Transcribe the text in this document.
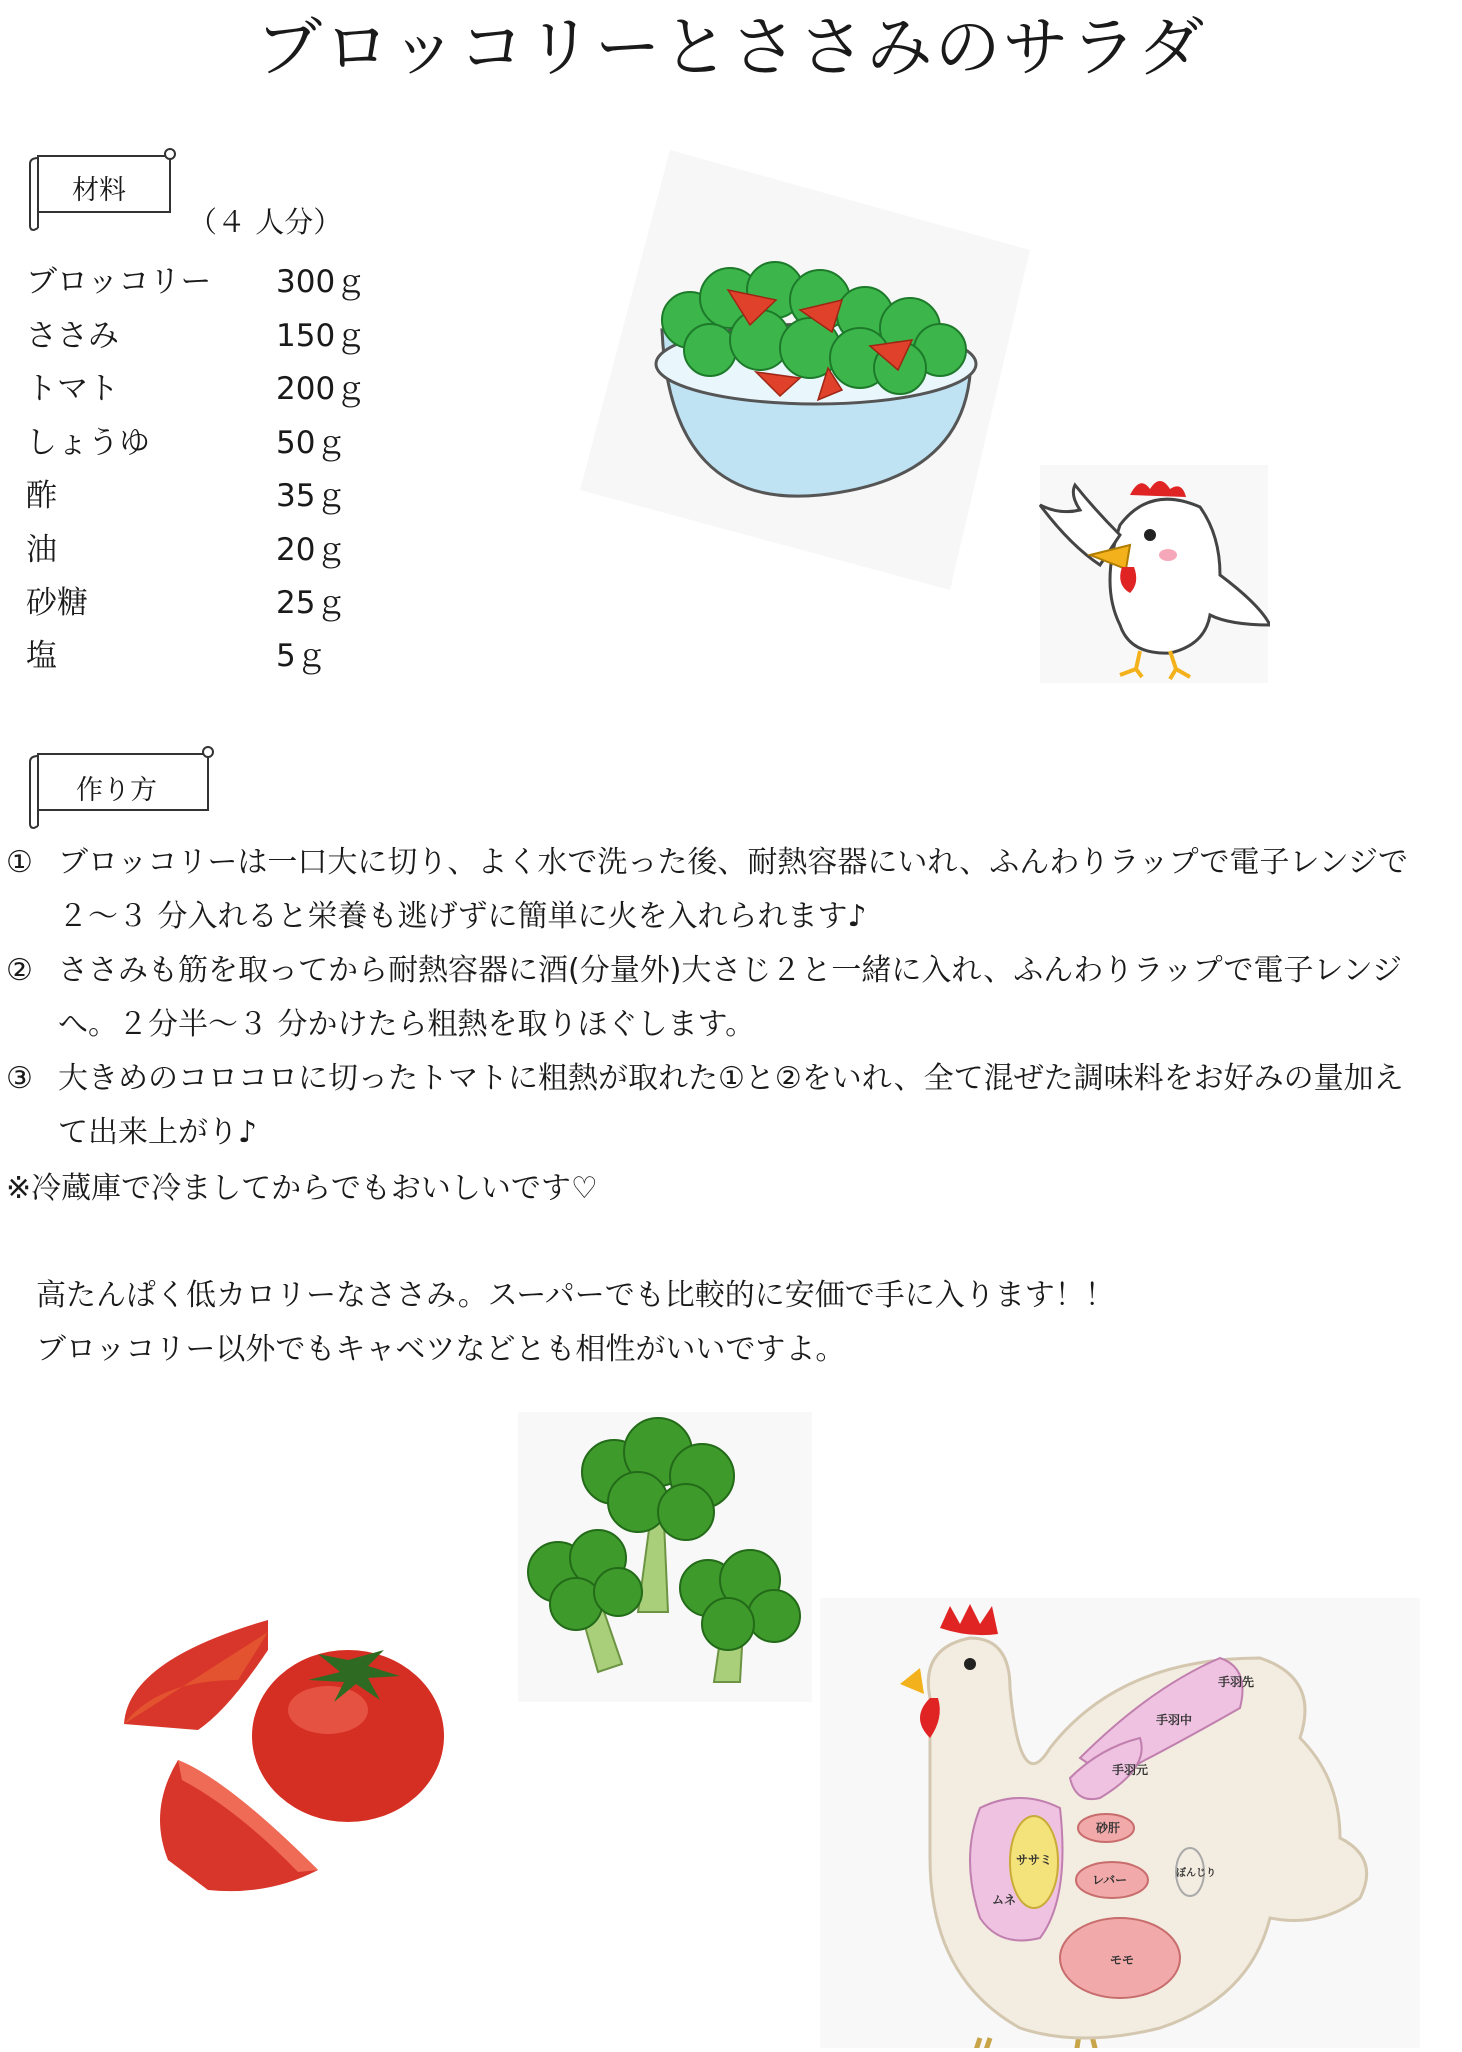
ブロッコリーとささみのサラダ
材料
（４ 人分）
ブロッコリー 300ｇ
ささみ	150ｇ
トマト	200ｇ
しょうゆ	50ｇ
酢	35ｇ
油	20ｇ
砂糖	25ｇ
塩	5ｇ
作り方
① ブロッコリーは一口大に切り、よく水で洗った後、耐熱容器にいれ、ふんわりラップで電子レンジで
２～３ 分入れると栄養も逃げずに簡単に火を入れられます♪
② ささみも筋を取ってから耐熱容器に酒(分量外)大さじ２と一緒に入れ、ふんわりラップで電子レンジ
へ。２分半～３ 分かけたら粗熱を取りほぐします。
③ 大きめのコロコロに切ったトマトに粗熱が取れた①と②をいれ、全て混ぜた調味料をお好みの量加え
て出来上がり♪
※冷蔵庫で冷ましてからでもおいしいです♡
高たんぱく低カロリーなささみ。スーパーでも比較的に安価で手に入ります！！
ブロッコリー以外でもキャベツなどとも相性がいいですよ。
手羽先
手羽中
手羽元
ササミ
ムネ
砂肝
レバー	ぼんじり
モモ
